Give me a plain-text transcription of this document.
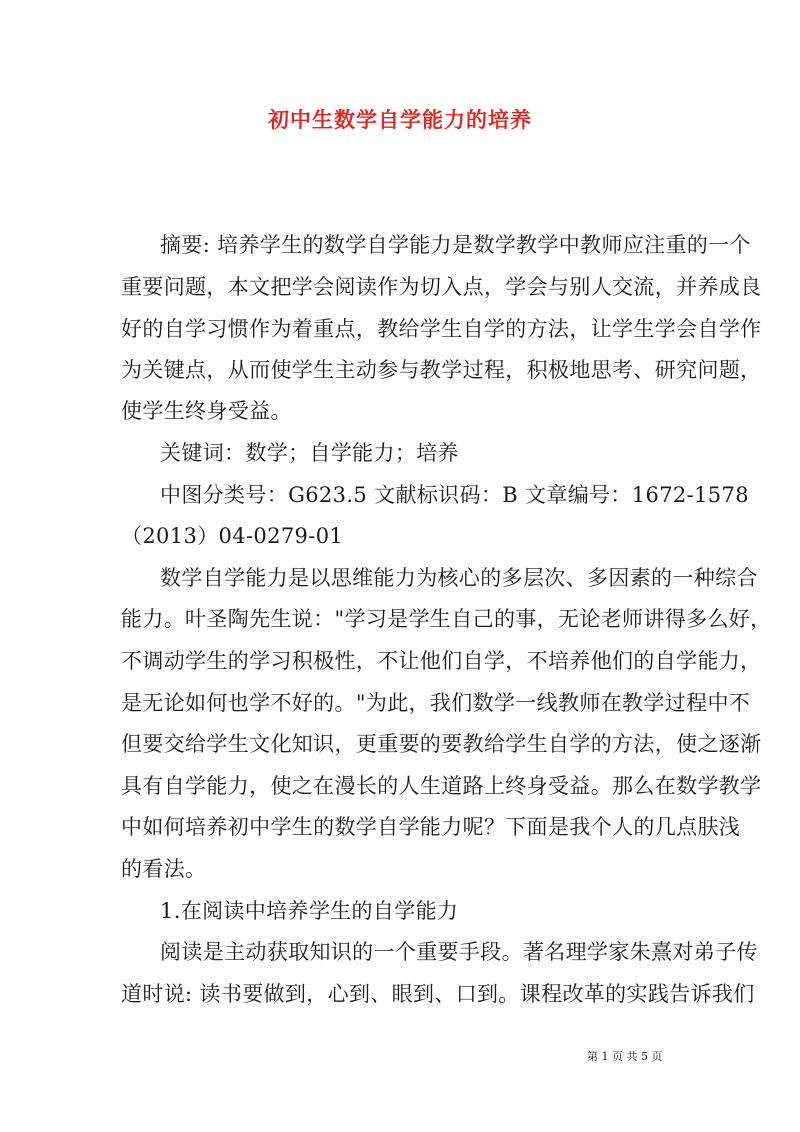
初中生数学自学能力的培养
摘要: 培养学生的数学自学能力是数学教学中教师应注重的一个
重要问题，本文把学会阅读作为切入点，学会与别人交流，并养成良
好的自学习惯作为着重点，教给学生自学的方法，让学生学会自学作
为关键点，从而使学生主动参与教学过程，积极地思考、研究问题，
使学生终身受益。
关键词：数学；自学能力；培养
中图分类号：G623.5 文献标识码：B 文章编号：1672-1578
（2013）04-0279-01
数学自学能力是以思维能力为核心的多层次、多因素的一种综合
能力。叶圣陶先生说："学习是学生自己的事，无论老师讲得多么好，
不调动学生的学习积极性，不让他们自学，不培养他们的自学能力，
是无论如何也学不好的。"为此，我们数学一线教师在教学过程中不
但要交给学生文化知识，更重要的要教给学生自学的方法，使之逐渐
具有自学能力，使之在漫长的人生道路上终身受益。那么在数学教学
中如何培养初中学生的数学自学能力呢？下面是我个人的几点肤浅
的看法。
1.在阅读中培养学生的自学能力
阅读是主动获取知识的一个重要手段。著名理学家朱熹对弟子传
道时说: 读书要做到，心到、眼到、口到。课程改革的实践告诉我们
第 1 页 共 5 页
